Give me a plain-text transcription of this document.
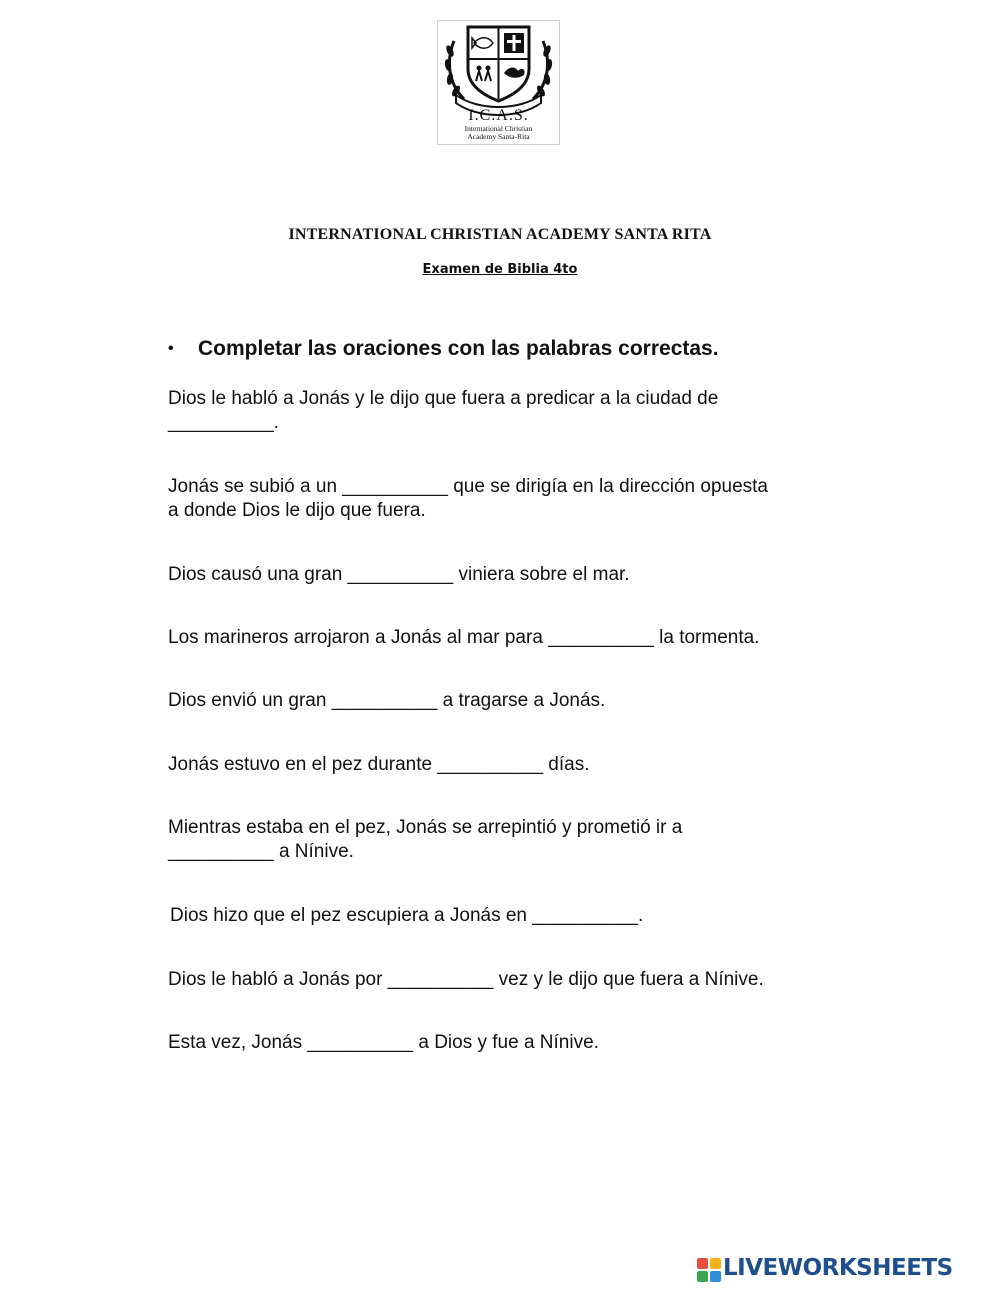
I.C.A.S.
International Christian
Academy Santa-Rita
INTERNATIONAL CHRISTIAN ACADEMY SANTA RITA
Examen de Biblia 4to
• Completar las oraciones con las palabras correctas.
Dios le habló a Jonás y le dijo que fuera a predicar a la ciudad de
__________.
Jonás se subió a un __________ que se dirigía en la dirección opuesta
a donde Dios le dijo que fuera.
Dios causó una gran __________ viniera sobre el mar.
Los marineros arrojaron a Jonás al mar para __________ la tormenta.
Dios envió un gran __________ a tragarse a Jonás.
Jonás estuvo en el pez durante __________ días.
Mientras estaba en el pez, Jonás se arrepintió y prometió ir a
__________ a Nínive.
Dios hizo que el pez escupiera a Jonás en __________.
Dios le habló a Jonás por __________ vez y le dijo que fuera a Nínive.
Esta vez, Jonás __________ a Dios y fue a Nínive.
LIVEWORKSHEETS
